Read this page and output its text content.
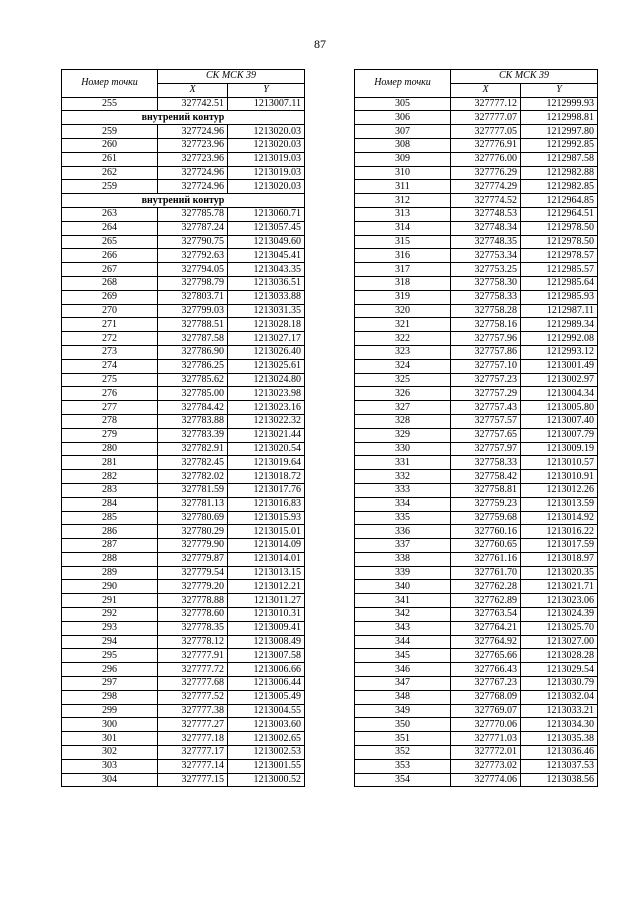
87
Номер точки	СК МСК 39	
	X	Y
255	327742.51	1213007.11
внутрений контур		
259	327724.96	1213020.03
260	327723.96	1213020.03
261	327723.96	1213019.03
262	327724.96	1213019.03
259	327724.96	1213020.03
внутрений контур		
263	327785.78	1213060.71
264	327787.24	1213057.45
265	327790.75	1213049.60
266	327792.63	1213045.41
267	327794.05	1213043.35
268	327798.79	1213036.51
269	327803.71	1213033.88
270	327799.03	1213031.35
271	327788.51	1213028.18
272	327787.58	1213027.17
273	327786.90	1213026.40
274	327786.25	1213025.61
275	327785.62	1213024.80
276	327785.00	1213023.98
277	327784.42	1213023.16
278	327783.88	1213022.32
279	327783.39	1213021.44
280	327782.91	1213020.54
281	327782.45	1213019.64
282	327782.02	1213018.72
283	327781.59	1213017.76
284	327781.13	1213016.83
285	327780.69	1213015.93
286	327780.29	1213015.01
287	327779.90	1213014.09
288	327779.87	1213014.01
289	327779.54	1213013.15
290	327779.20	1213012.21
291	327778.88	1213011.27
292	327778.60	1213010.31
293	327778.35	1213009.41
294	327778.12	1213008.49
295	327777.91	1213007.58
296	327777.72	1213006.66
297	327777.68	1213006.44
298	327777.52	1213005.49
299	327777.38	1213004.55
300	327777.27	1213003.60
301	327777.18	1213002.65
302	327777.17	1213002.53
303	327777.14	1213001.55
304	327777.15	1213000.52
Номер точки	СК МСК 39	
	X	Y
305	327777.12	1212999.93
306	327777.07	1212998.81
307	327777.05	1212997.80
308	327776.91	1212992.85
309	327776.00	1212987.58
310	327776.29	1212982.88
311	327774.29	1212982.85
312	327774.52	1212964.85
313	327748.53	1212964.51
314	327748.34	1212978.50
315	327748.35	1212978.50
316	327753.34	1212978.57
317	327753.25	1212985.57
318	327758.30	1212985.64
319	327758.33	1212985.93
320	327758.28	1212987.11
321	327758.16	1212989.34
322	327757.96	1212992.08
323	327757.86	1212993.12
324	327757.10	1213001.49
325	327757.23	1213002.97
326	327757.29	1213004.34
327	327757.43	1213005.80
328	327757.57	1213007.40
329	327757.65	1213007.79
330	327757.97	1213009.19
331	327758.33	1213010.57
332	327758.42	1213010.91
333	327758.81	1213012.26
334	327759.23	1213013.59
335	327759.68	1213014.92
336	327760.16	1213016.22
337	327760.65	1213017.59
338	327761.16	1213018.97
339	327761.70	1213020.35
340	327762.28	1213021.71
341	327762.89	1213023.06
342	327763.54	1213024.39
343	327764.21	1213025.70
344	327764.92	1213027.00
345	327765.66	1213028.28
346	327766.43	1213029.54
347	327767.23	1213030.79
348	327768.09	1213032.04
349	327769.07	1213033.21
350	327770.06	1213034.30
351	327771.03	1213035.38
352	327772.01	1213036.46
353	327773.02	1213037.53
354	327774.06	1213038.56
